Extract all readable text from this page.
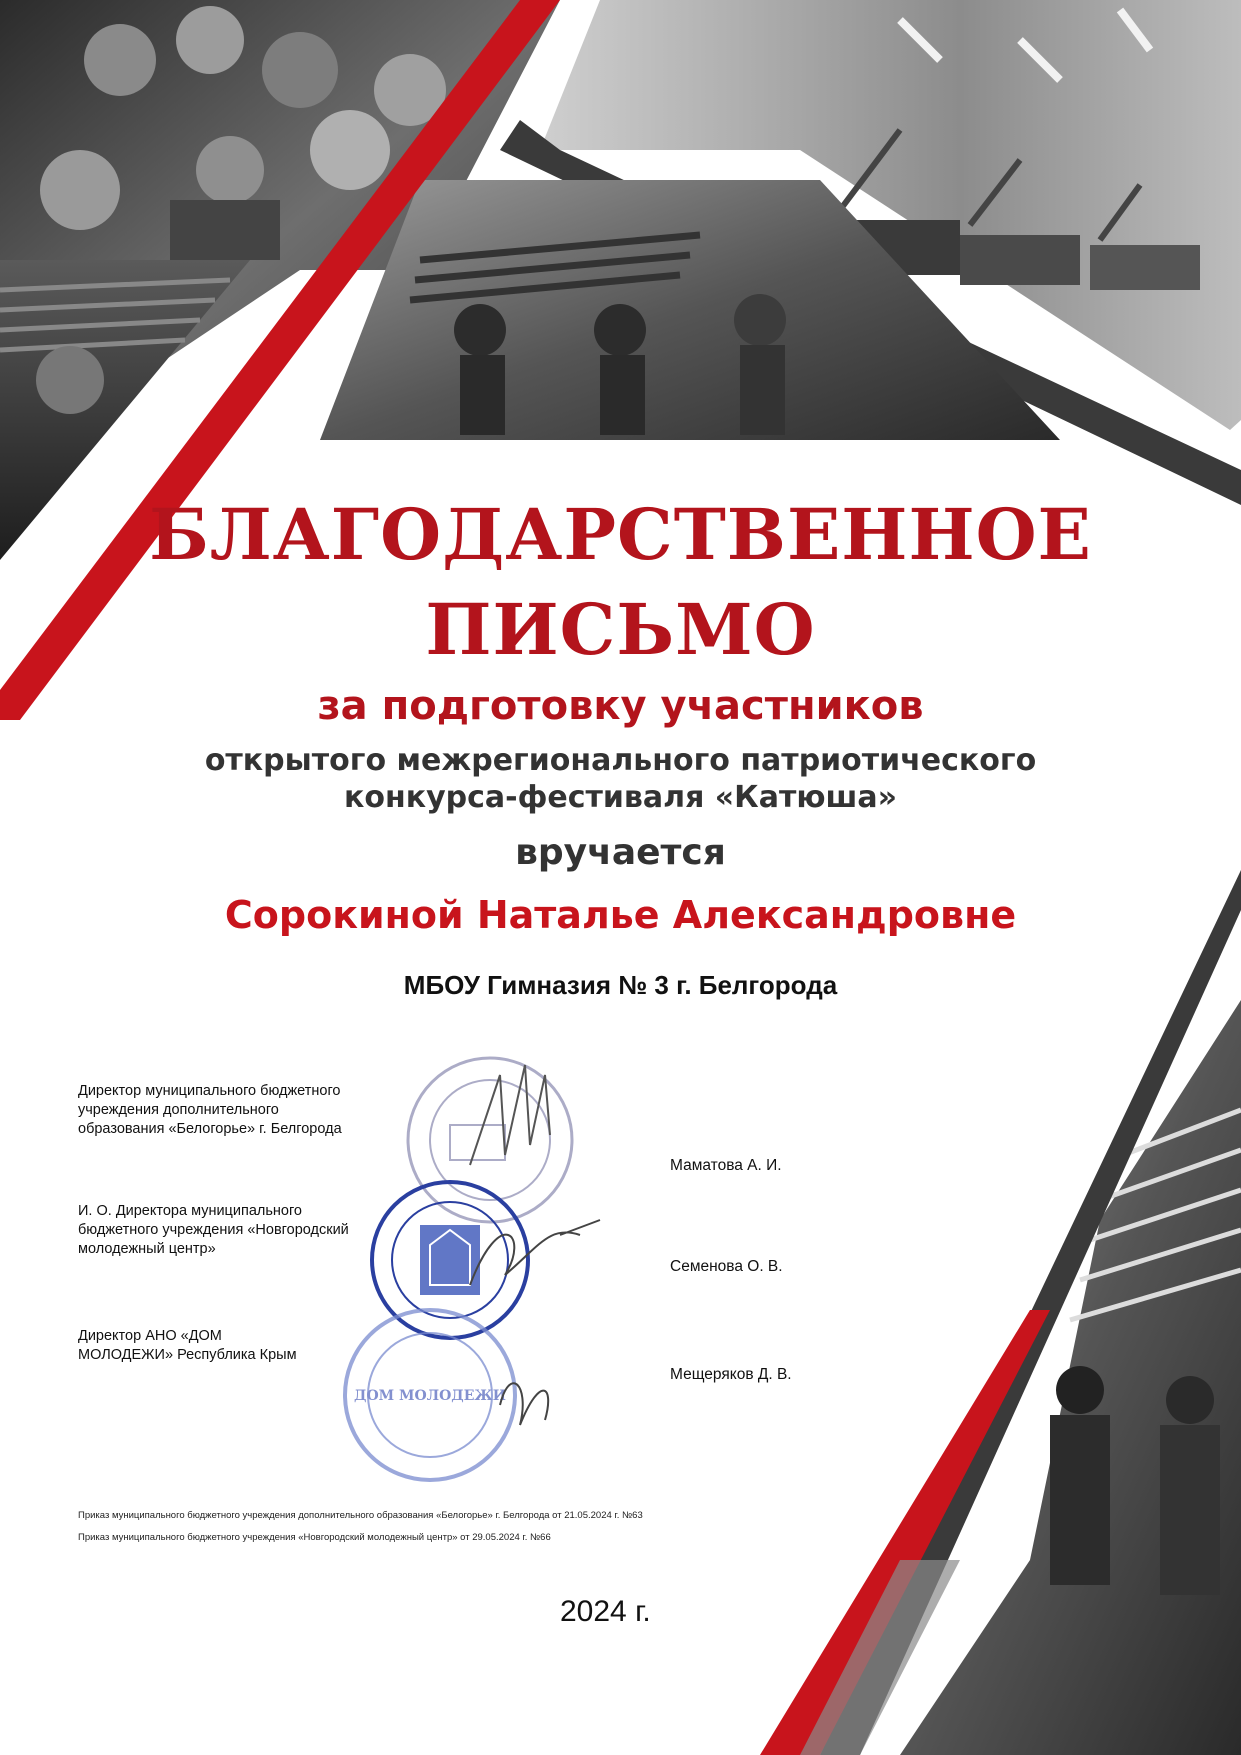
БЛАГОДАРСТВЕННОЕ
ПИСЬМО
за подготовку участников
открытого межрегионального патриотического
конкурса-фестиваля «Катюша»
вручается
Сорокиной Наталье Александровне
МБОУ Гимназия № 3 г. Белгорода
Директор муниципального бюджетного учреждения дополнительного образования «Белогорье» г. Белгорода
Маматова А. И.
И. О. Директора муниципального бюджетного учреждения «Новгородский молодежный центр»
Семенова О. В.
Директор АНО «ДОМ МОЛОДЕЖИ» Республика Крым
Мещеряков Д. В.
ДОМ МОЛОДЕЖИ
Приказ муниципального бюджетного учреждения дополнительного образования «Белогорье» г. Белгорода от 21.05.2024 г. №63
Приказ муниципального бюджетного учреждения «Новгородский молодежный центр» от 29.05.2024 г. №66
2024 г.
